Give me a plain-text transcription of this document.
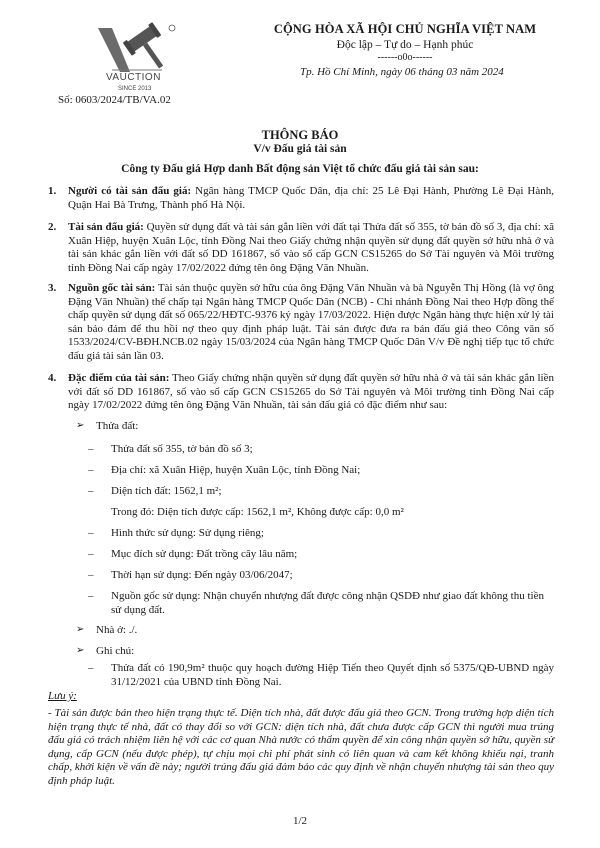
VAUCTION
SINCE 2013
Số: 0603/2024/TB/VA.02
CỘNG HÒA XÃ HỘI CHỦ NGHĨA VIỆT NAM
Độc lập – Tự do – Hạnh phúc
------o0o------
Tp. Hồ Chí Minh, ngày 06 tháng 03 năm 2024
THÔNG BÁO
V/v Đấu giá tài sản
Công ty Đấu giá Hợp danh Bất động sản Việt tổ chức đấu giá tài sản sau:
1. Người có tài sản đấu giá: Ngân hàng TMCP Quốc Dân, địa chỉ: 25 Lê Đại Hành, Phường Lê Đại Hành, Quận Hai Bà Trưng, Thành phố Hà Nội.
2. Tài sản đấu giá: Quyền sử dụng đất và tài sản gắn liền với đất tại Thửa đất số 355, tờ bản đồ số 3, địa chỉ: xã Xuân Hiệp, huyện Xuân Lộc, tỉnh Đồng Nai theo Giấy chứng nhận quyền sử dụng đất quyền sở hữu nhà ở và tài sản khác gắn liền với đất số DD 161867, số vào sổ cấp GCN CS15265 do Sở Tài nguyên và Môi trường tỉnh Đồng Nai cấp ngày 17/02/2022 đứng tên ông Đặng Văn Nhuần.
3. Nguồn gốc tài sản: Tài sản thuộc quyền sở hữu của ông Đặng Văn Nhuần và bà Nguyễn Thị Hồng (là vợ ông Đặng Văn Nhuần) thế chấp tại Ngân hàng TMCP Quốc Dân (NCB) - Chi nhánh Đồng Nai theo Hợp đồng thế chấp quyền sử dụng đất số 065/22/HĐTC-9376 ký ngày 17/03/2022. Hiện được Ngân hàng thực hiện xử lý tài sản bảo đảm để thu hồi nợ theo quy định pháp luật. Tài sản được đưa ra bán đấu giá theo Công văn số 1533/2024/CV-BĐH.NCB.02 ngày 15/03/2024 của Ngân hàng TMCP Quốc Dân V/v Đề nghị tiếp tục tổ chức đấu giá tài sản lần 03.
4. Đặc điểm của tài sản: Theo Giấy chứng nhận quyền sử dụng đất quyền sở hữu nhà ở và tài sản khác gắn liền với đất số DD 161867, số vào sổ cấp GCN CS15265 do Sở Tài nguyên và Môi trường tỉnh Đồng Nai cấp ngày 17/02/2022 đứng tên ông Đặng Văn Nhuần, tài sản đấu giá có đặc điểm như sau:
➢ Thửa đất:
– Thửa đất số 355, tờ bản đồ số 3;
– Địa chỉ: xã Xuân Hiệp, huyện Xuân Lộc, tỉnh Đồng Nai;
– Diện tích đất: 1562,1 m²;
Trong đó: Diện tích được cấp: 1562,1 m², Không được cấp: 0,0 m²
– Hình thức sử dụng: Sử dụng riêng;
– Mục đích sử dụng: Đất trồng cây lâu năm;
– Thời hạn sử dụng: Đến ngày 03/06/2047;
– Nguồn gốc sử dụng: Nhận chuyển nhượng đất được công nhận QSDĐ như giao đất không thu tiền sử dụng đất.
➢ Nhà ở: ./.
➢ Ghi chú:
– Thửa đất có 190,9m² thuộc quy hoạch đường Hiệp Tiến theo Quyết định số 5375/QĐ-UBND ngày 31/12/2021 của UBND tỉnh Đồng Nai.
Lưu ý:
- Tài sản được bán theo hiện trạng thực tế. Diện tích nhà, đất được đấu giá theo GCN. Trong trường hợp diện tích hiện trạng thực tế nhà, đất có thay đổi so với GCN: diện tích nhà, đất chưa được cấp GCN thì người mua trúng đấu giá có trách nhiệm liên hệ với các cơ quan Nhà nước có thẩm quyền để xin công nhận quyền sở hữu, quyền sử dụng, cấp GCN (nếu được phép), tự chịu mọi chi phí phát sinh có liên quan và cam kết không khiếu nại, tranh chấp, khởi kiện về vấn đề này; người trúng đấu giá đảm bảo các quy định về nhận chuyển nhượng tài sản theo quy định pháp luật.
1/2
